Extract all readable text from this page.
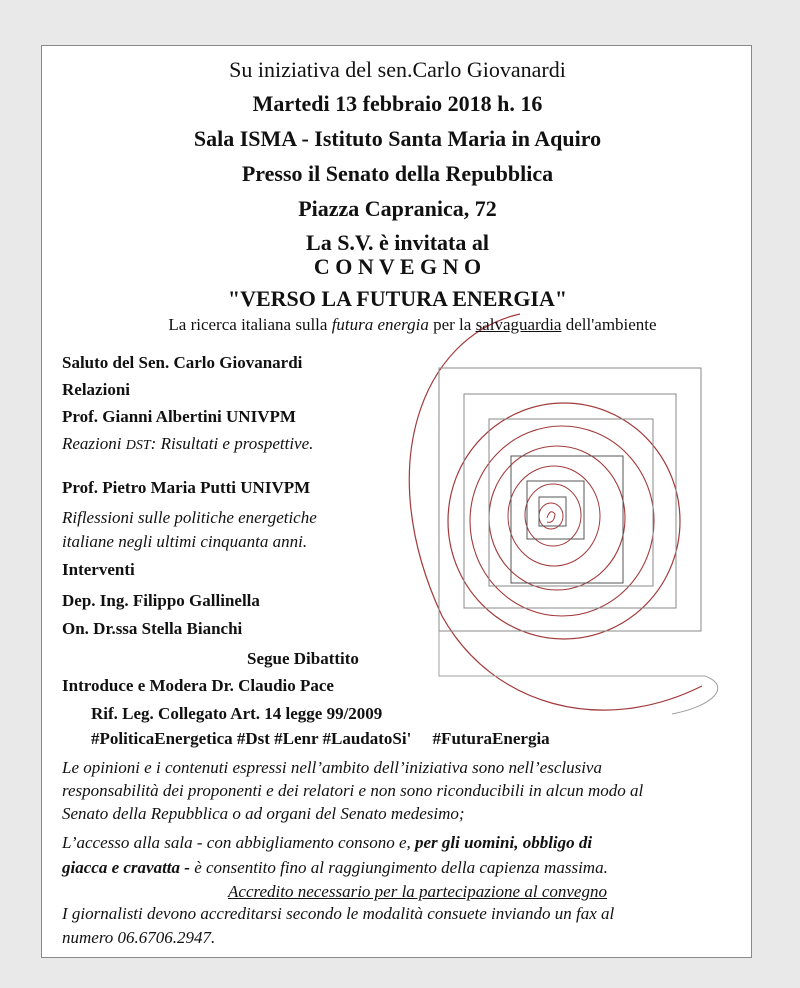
Su iniziativa del sen.Carlo Giovanardi
Martedi 13 febbraio 2018 h. 16
Sala ISMA - Istituto Santa Maria in Aquiro
Presso il Senato della Repubblica
Piazza Capranica, 72
La S.V. è invitata al
C O N V E G N O
"VERSO LA FUTURA ENERGIA"
La ricerca italiana sulla futura energia per la salvaguardia dell'ambiente
Saluto del Sen. Carlo Giovanardi
Relazioni
Prof. Gianni Albertini UNIVPM
Reazioni DST: Risultati e prospettive.
Prof. Pietro Maria Putti UNIVPM
Riflessioni sulle politiche energetiche
italiane negli ultimi cinquanta anni.
Interventi
Dep. Ing. Filippo Gallinella
On. Dr.ssa Stella Bianchi
Segue Dibattito
Introduce e Modera Dr. Claudio Pace
Rif. Leg. Collegato Art. 14 legge 99/2009
#PoliticaEnergetica #Dst #Lenr #LaudatoSi'     #FuturaEnergia
Le opinioni e i contenuti espressi nell’ambito dell’iniziativa sono nell’esclusiva
responsabilità dei proponenti e dei relatori e non sono riconducibili in alcun modo al
Senato della Repubblica o ad organi del Senato medesimo;
L’accesso alla sala - con abbigliamento consono e, per gli uomini, obbligo di
giacca e cravatta - è consentito fino al raggiungimento della capienza massima.
Accredito necessario per la partecipazione al convegno
I giornalisti devono accreditarsi secondo le modalità consuete inviando un fax al
numero 06.6706.2947.
